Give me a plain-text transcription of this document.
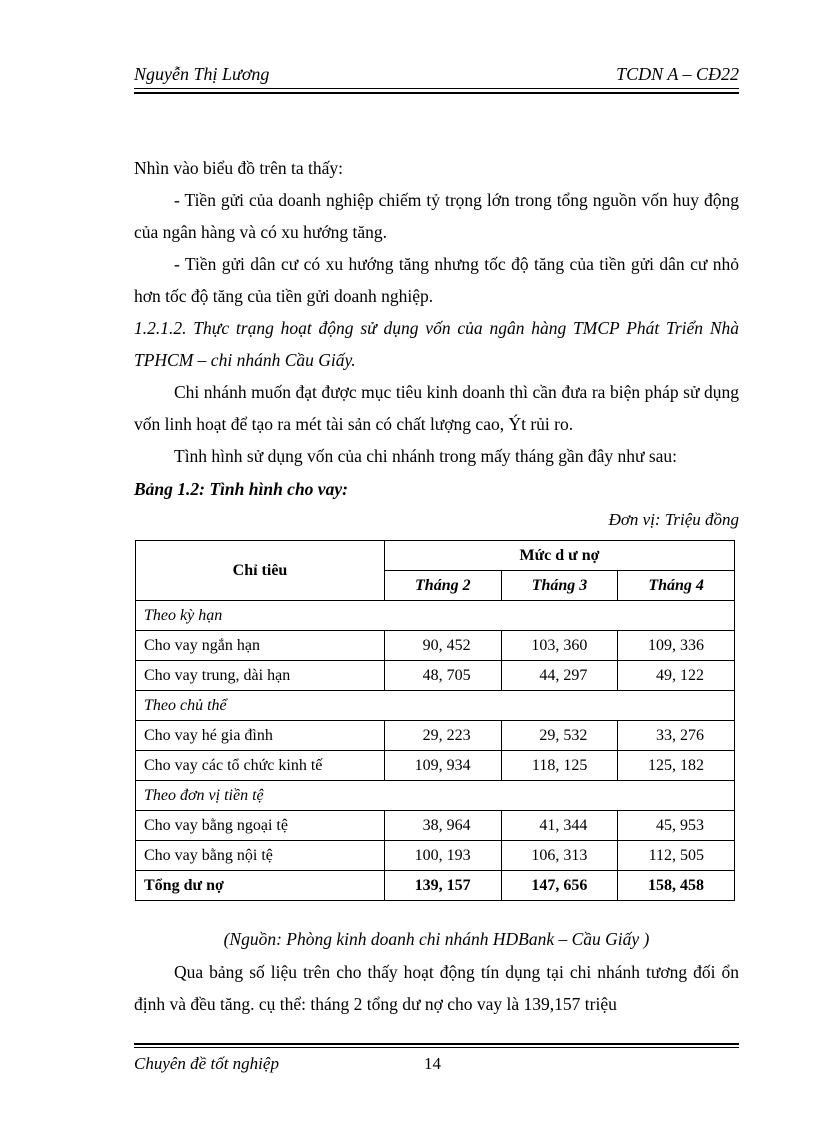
Nguyễn Thị Lương	TCDN A – CĐ22

Nhìn vào biểu đồ trên ta thấy:

- Tiền gửi của doanh nghiệp chiếm tỷ trọng lớn trong tổng nguồn vốn huy động của ngân hàng và có xu hướng tăng.

- Tiền gửi dân cư có xu hướng tăng nhưng tốc độ tăng của tiền gửi dân cư nhỏ hơn tốc độ tăng của tiền gửi doanh nghiệp.

1.2.1.2. Thực trạng hoạt động sử dụng vốn của ngân hàng TMCP Phát Triển Nhà TPHCM – chi nhánh Cầu Giấy.

Chi nhánh muốn đạt được mục tiêu kinh doanh thì cần đưa ra biện pháp sử dụng vốn linh hoạt để tạo ra mét tài sản có chất lượng cao, Ýt rủi ro.

Tình hình sử dụng vốn của chi nhánh trong mấy tháng gần đây như sau:

Bảng 1.2: Tình hình cho vay:

Đơn vị: Triệu đồng
Chỉ tiêu	Mức d ư nợ		
	Tháng 2	Tháng 3	Tháng 4
Theo kỳ hạn			
Cho vay ngắn hạn	90, 452	103, 360	109, 336
Cho vay trung, dài hạn	48, 705	44, 297	49, 122
Theo chủ thể			
Cho vay hé gia đình	29, 223	29, 532	33, 276
Cho vay các tổ chức kinh tế	109, 934	118, 125	125, 182
Theo đơn vị tiền tệ			
Cho vay bằng ngoại tệ	38, 964	41, 344	45, 953
Cho vay bằng nội tệ	100, 193	106, 313	112, 505
Tổng dư nợ	139, 157	147, 656	158, 458
(Nguồn: Phòng kinh doanh chi nhánh HDBank – Cầu Giấy )

Qua bảng số liệu trên cho thấy hoạt động tín dụng tại chi nhánh tương đối ổn định và đều tăng. cụ thể: tháng 2 tổng dư nợ cho vay là 139,157 triệu

Chuyên đề tốt nghiệp	14
